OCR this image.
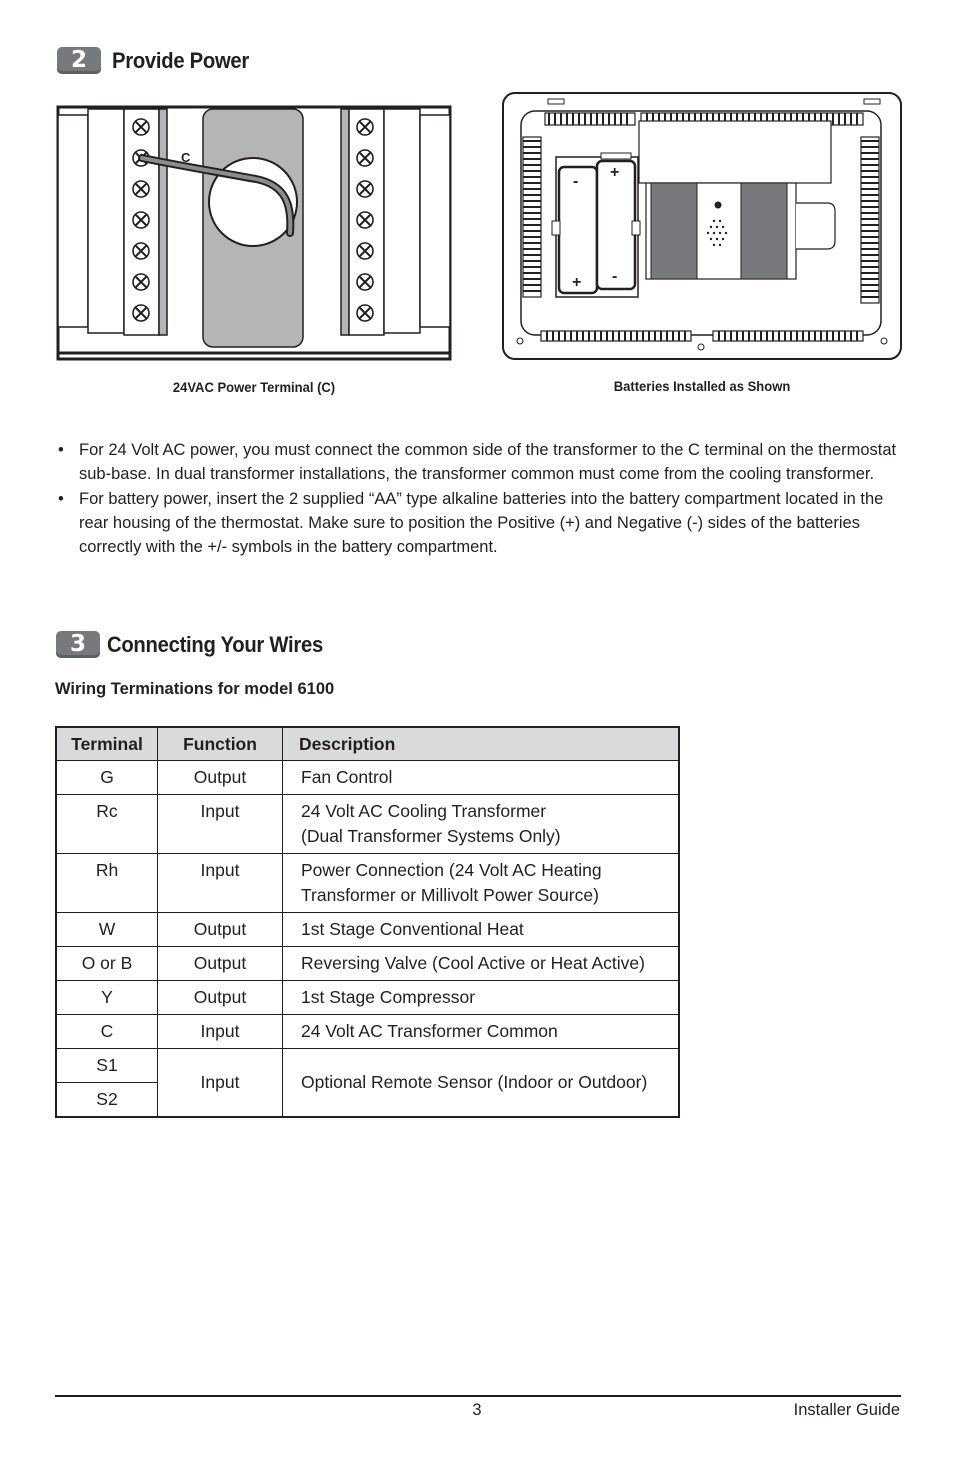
2	Provide Power
C
24VAC Power Terminal (C)
-
+
+ -
Batteries Installed as Shown
• For 24 Volt AC power, you must connect the common side of the transformer to the C terminal on the thermostat sub-base. In dual transformer installations, the transformer common must come from the cooling transformer.
• For battery power, insert the 2 supplied “AA” type alkaline batteries into the battery compartment located in the rear housing of the thermostat. Make sure to position the Positive (+) and Negative (-) sides of the batteries correctly with the +/- symbols in the battery compartment.
3 Connecting Your Wires
Wiring Terminations for model 6100
Terminal	Function	Description
G	Output	Fan Control
Rc	Input	24 Volt AC Cooling Transformer
(Dual Transformer Systems Only)
Rh	Input	Power Connection (24 Volt AC Heating
Transformer or Millivolt Power Source)
W	Output	1st Stage Conventional Heat
O or B	Output	Reversing Valve (Cool Active or Heat Active)
Y	Output	1st Stage Compressor
C	Input	24 Volt AC Transformer Common
S1	Input	Optional Remote Sensor (Indoor or Outdoor)
S2		
3	Installer Guide
